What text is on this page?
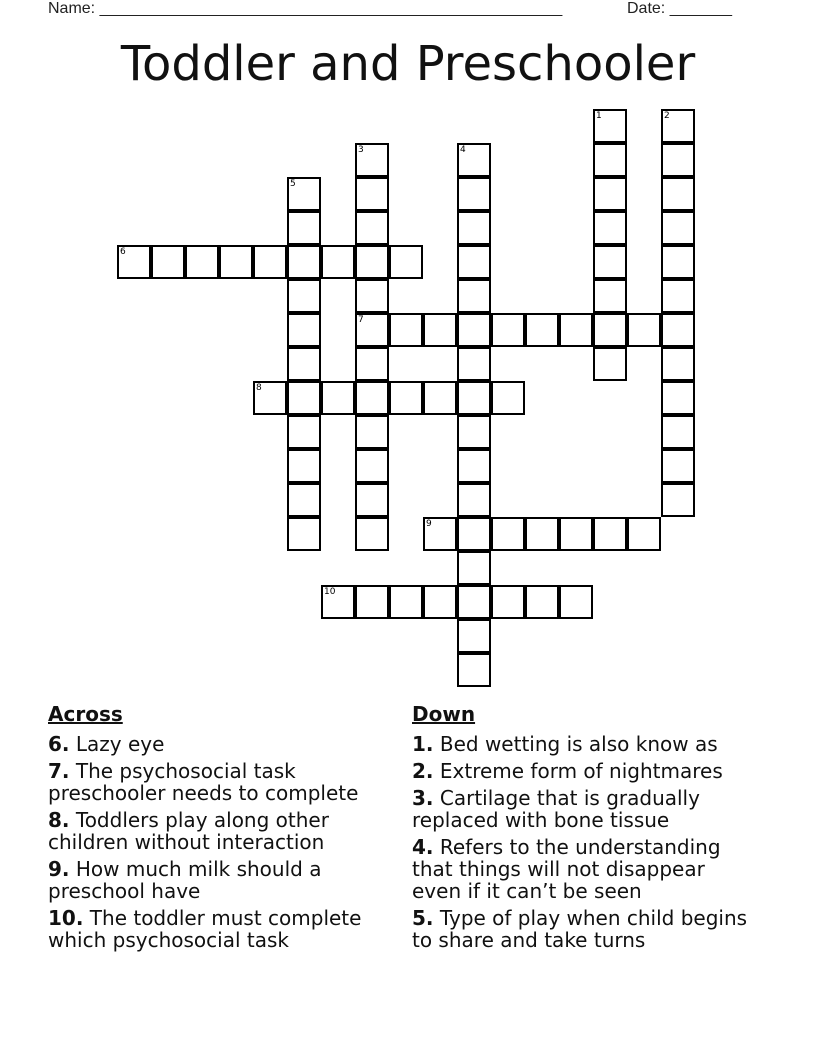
Name: ____________________________________________________	Date: _______
Toddler and Preschooler
1	2
3
7
4
5
6
8
9
10
Across
6. Lazy eye
7. The psychosocial task preschooler needs to complete
8. Toddlers play along other children without interaction
9. How much milk should a preschool have
10. The toddler must complete which psychosocial task
Down
1. Bed wetting is also know as
2. Extreme form of nightmares
3. Cartilage that is gradually replaced with bone tissue
4. Refers to the understanding that things will not disappear even if it can’t be seen
5. Type of play when child begins to share and take turns
